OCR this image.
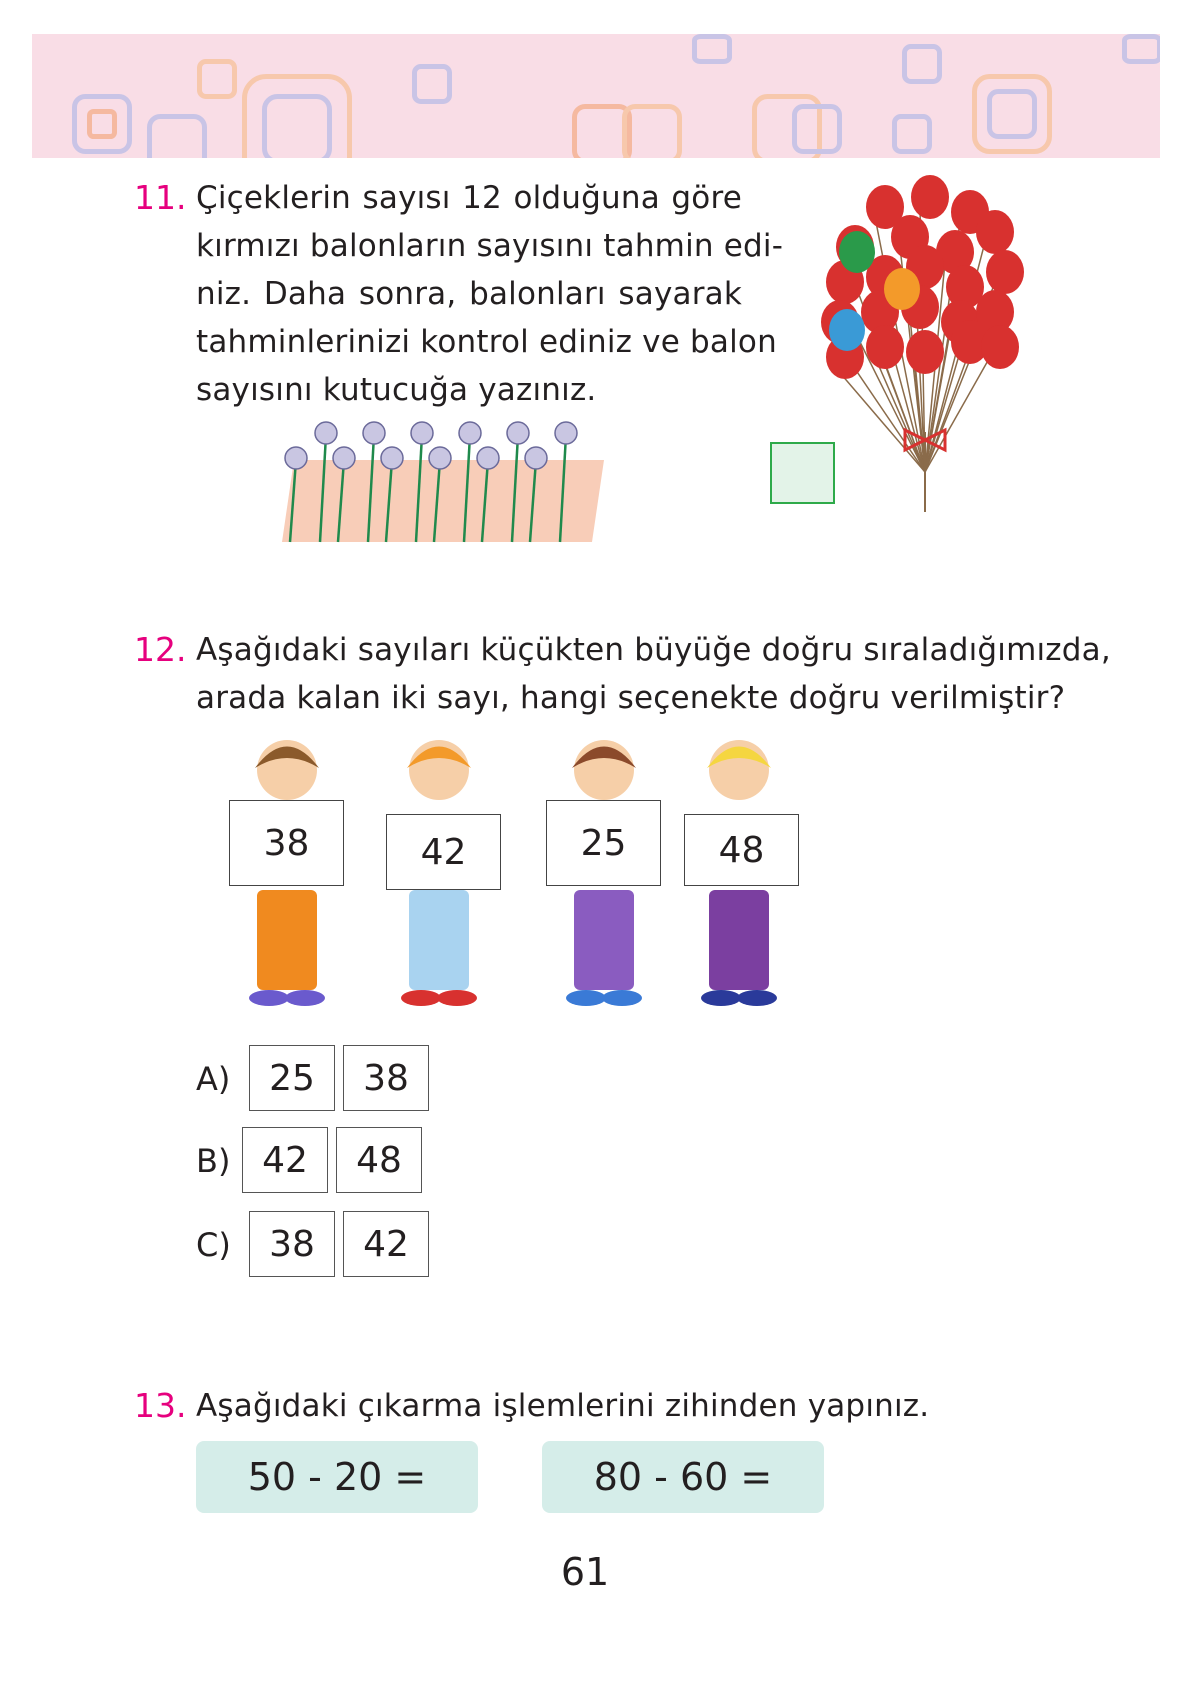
11. Çiçeklerin sayısı 12 olduğuna göre
kırmızı balonların sayısını tahmin edi-
niz. Daha sonra, balonları sayarak
tahminlerinizi kontrol ediniz ve balon
sayısını kutucuğa yazınız.
12. Aşağıdaki sayıları küçükten büyüğe doğru sıraladığımızda,
arada kalan iki sayı, hangi seçenekte doğru verilmiştir?
38	42	25	48
A)	25	38
B) 42	48
C)	38	42
13. Aşağıdaki çıkarma işlemlerini zihinden yapınız.
50 - 20 =	80 - 60 =
61
